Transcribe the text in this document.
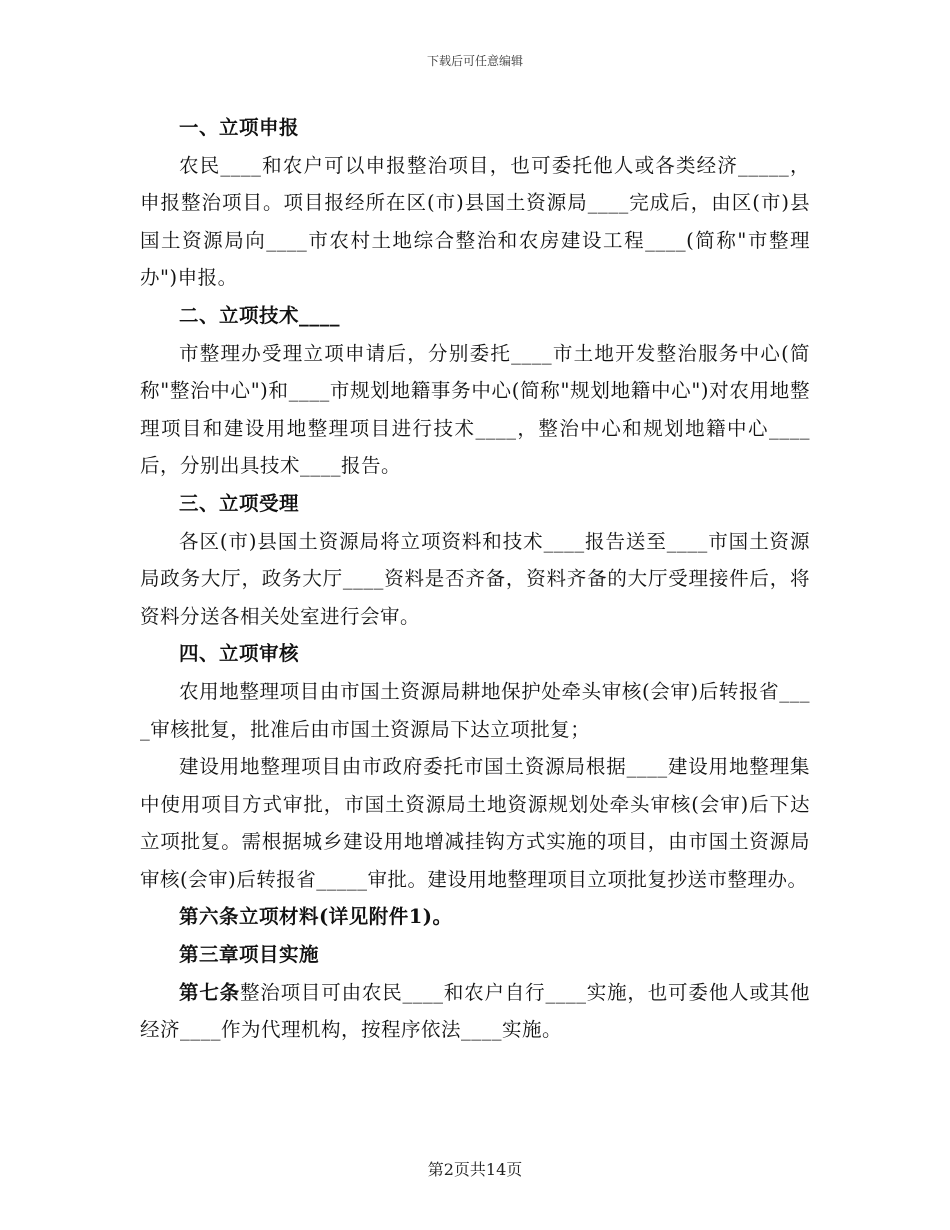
下载后可任意编辑
一、立项申报
农民____和农户可以申报整治项目，也可委托他人或各类经济_____，申报整治项目。项目报经所在区(市)县国土资源局____完成后，由区(市)县国土资源局向____市农村土地综合整治和农房建设工程____(简称"市整理办")申报。
二、立项技术____
市整理办受理立项申请后，分别委托____市土地开发整治服务中心(简称"整治中心")和____市规划地籍事务中心(简称"规划地籍中心")对农用地整理项目和建设用地整理项目进行技术____，整治中心和规划地籍中心____后，分别出具技术____报告。
三、立项受理
各区(市)县国土资源局将立项资料和技术____报告送至____市国土资源局政务大厅，政务大厅____资料是否齐备，资料齐备的大厅受理接件后，将资料分送各相关处室进行会审。
四、立项审核
农用地整理项目由市国土资源局耕地保护处牵头审核(会审)后转报省____审核批复，批准后由市国土资源局下达立项批复；
建设用地整理项目由市政府委托市国土资源局根据____建设用地整理集中使用项目方式审批，市国土资源局土地资源规划处牵头审核(会审)后下达立项批复。需根据城乡建设用地增减挂钩方式实施的项目，由市国土资源局审核(会审)后转报省_____审批。建设用地整理项目立项批复抄送市整理办。
第六条立项材料(详见附件1)。
第三章项目实施
第七条整治项目可由农民____和农户自行____实施，也可委他人或其他经济____作为代理机构，按程序依法____实施。
第2页共14页
